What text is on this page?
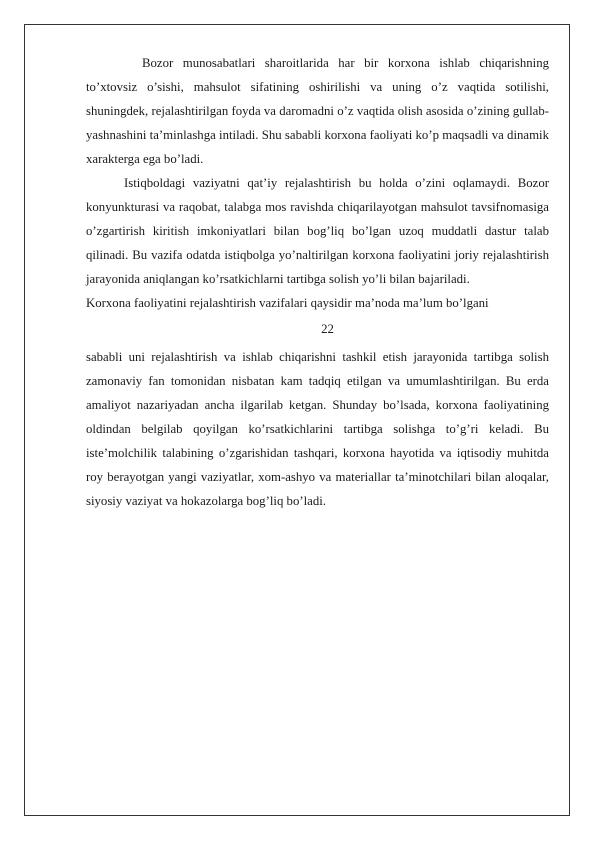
Bozor munosabatlari sharoitlarida har bir korxona ishlab chiqarishning to’xtovsiz o’sishi, mahsulot sifatining oshirilishi va uning o’z vaqtida sotilishi, shuningdek, rejalashtirilgan foyda va daromadni o’z vaqtida olish asosida o’zining gullab-yashnashini ta’minlashga intiladi. Shu sababli korxona faoliyati ko’p maqsadli va dinamik xarakterga ega bo’ladi.

Istiqboldagi vaziyatni qat’iy rejalashtirish bu holda o’zini oqlamaydi. Bozor konyunkturasi va raqobat, talabga mos ravishda chiqarilayotgan mahsulot tavsifnomasiga o’zgartirish kiritish imkoniyatlari bilan bog’liq bo’lgan uzoq muddatli dastur talab qilinadi. Bu vazifa odatda istiqbolga yo’naltirilgan korxona faoliyatini joriy rejalashtirish jarayonida aniqlangan ko’rsatkichlarni tartibga solish yo’li bilan bajariladi.

Korxona faoliyatini rejalashtirish vazifalari qaysidir ma’noda ma’lum bo’lgani

22

sababli uni rejalashtirish va ishlab chiqarishni tashkil etish jarayonida tartibga solish zamonaviy fan tomonidan nisbatan kam tadqiq etilgan va umumlashtirilgan. Bu erda amaliyot nazariyadan ancha ilgarilab ketgan. Shunday bo’lsada, korxona faoliyatining oldindan belgilab qoyilgan ko’rsatkichlarini tartibga solishga to’g’ri keladi. Bu iste’molchilik talabining o’zgarishidan tashqari, korxona hayotida va iqtisodiy muhitda roy berayotgan yangi vaziyatlar, xom-ashyo va materiallar ta’minotchilari bilan aloqalar, siyosiy vaziyat va hokazolarga bog’liq bo’ladi.
